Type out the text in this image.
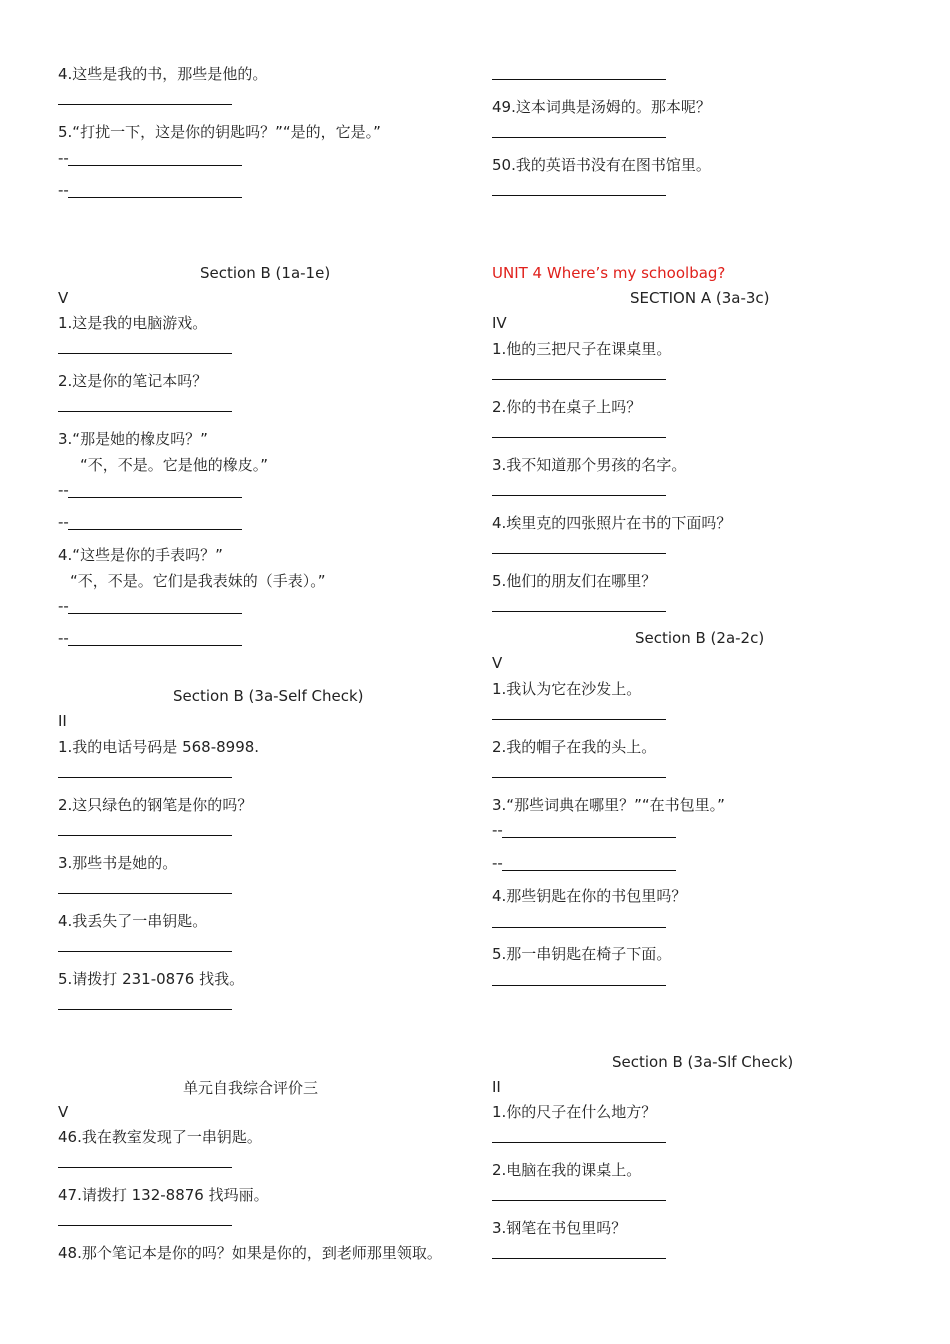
4.这些是我的书，那些是他的。
5.“打扰一下，这是你的钥匙吗？”“是的，它是。”
--
--
Section B (1a-1e)
V
1.这是我的电脑游戏。
2.这是你的笔记本吗？
3.“那是她的橡皮吗？”
“不，不是。它是他的橡皮。”
--
--
4.“这些是你的手表吗？”
“不，不是。它们是我表妹的（手表）。”
--
--
Section B (3a-Self Check)
II
1.我的电话号码是 568-8998.
2.这只绿色的钢笔是你的吗？
3.那些书是她的。
4.我丢失了一串钥匙。
5.请拨打 231-0876 找我。
单元自我综合评价三
V
46.我在教室发现了一串钥匙。
47.请拨打 132-8876 找玛丽。
48.那个笔记本是你的吗？如果是你的，到老师那里领取。
49.这本词典是汤姆的。那本呢？
50.我的英语书没有在图书馆里。
UNIT 4 Where’s my schoolbag?
SECTION A (3a-3c)
IV
1.他的三把尺子在课桌里。
2.你的书在桌子上吗？
3.我不知道那个男孩的名字。
4.埃里克的四张照片在书的下面吗？
5.他们的朋友们在哪里？
Section B (2a-2c)
V
1.我认为它在沙发上。
2.我的帽子在我的头上。
3.“那些词典在哪里？”“在书包里。”
--
--
4.那些钥匙在你的书包里吗？
5.那一串钥匙在椅子下面。
Section B (3a-Slf Check)
II
1.你的尺子在什么地方？
2.电脑在我的课桌上。
3.钢笔在书包里吗？
